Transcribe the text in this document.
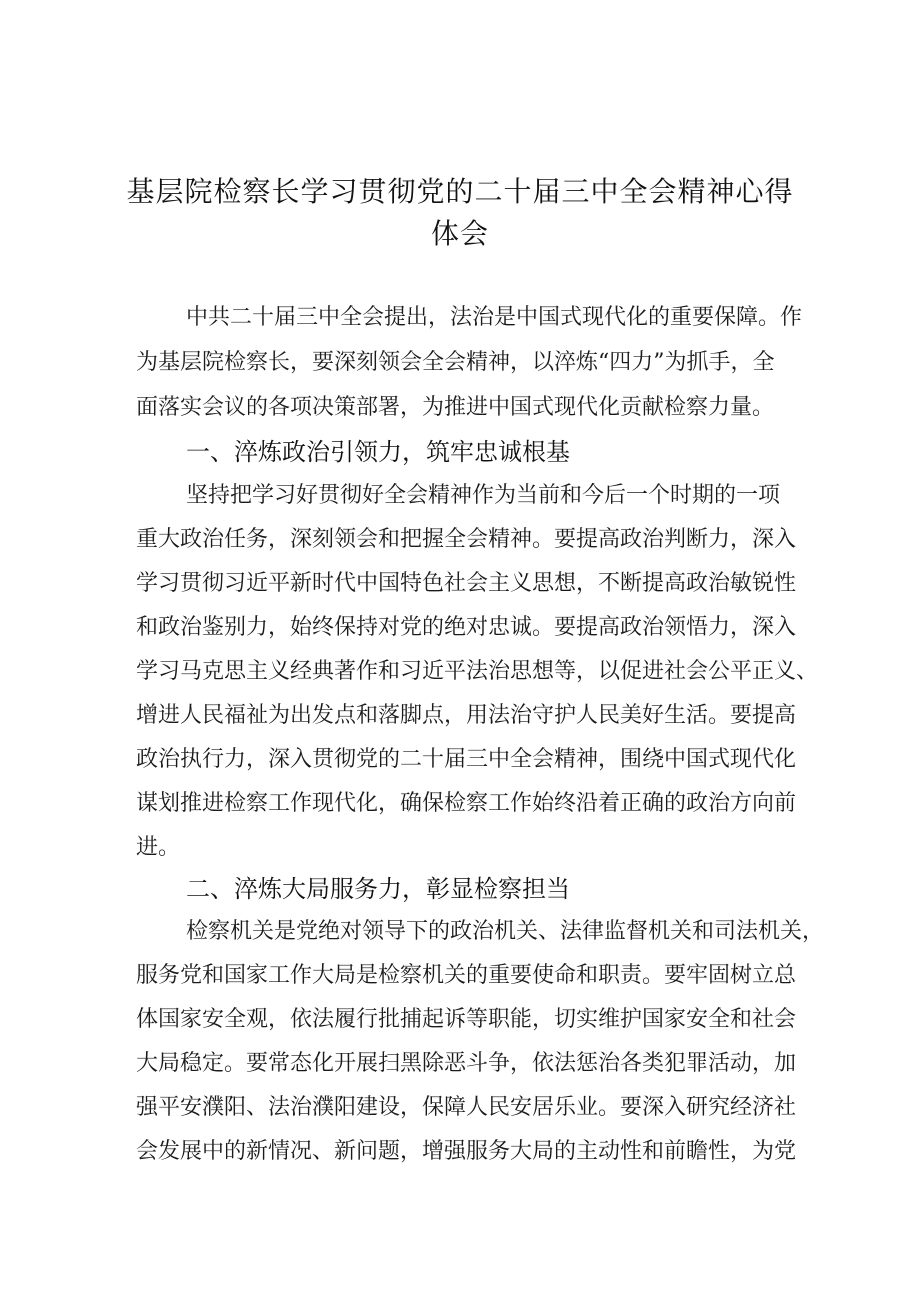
基层院检察长学习贯彻党的二十届三中全会精神心得
体会
中共二十届三中全会提出，法治是中国式现代化的重要保障。作
为基层院检察长，要深刻领会全会精神，以淬炼“四力”为抓手，全
面落实会议的各项决策部署，为推进中国式现代化贡献检察力量。
一、淬炼政治引领力，筑牢忠诚根基
坚持把学习好贯彻好全会精神作为当前和今后一个时期的一项
重大政治任务，深刻领会和把握全会精神。要提高政治判断力，深入
学习贯彻习近平新时代中国特色社会主义思想，不断提高政治敏锐性
和政治鉴别力，始终保持对党的绝对忠诚。要提高政治领悟力，深入
学习马克思主义经典著作和习近平法治思想等，以促进社会公平正义、
增进人民福祉为出发点和落脚点，用法治守护人民美好生活。要提高
政治执行力，深入贯彻党的二十届三中全会精神，围绕中国式现代化
谋划推进检察工作现代化，确保检察工作始终沿着正确的政治方向前
进。
二、淬炼大局服务力，彰显检察担当
检察机关是党绝对领导下的政治机关、法律监督机关和司法机关，
服务党和国家工作大局是检察机关的重要使命和职责。要牢固树立总
体国家安全观，依法履行批捕起诉等职能，切实维护国家安全和社会
大局稳定。要常态化开展扫黑除恶斗争，依法惩治各类犯罪活动，加
强平安濮阳、法治濮阳建设，保障人民安居乐业。要深入研究经济社
会发展中的新情况、新问题，增强服务大局的主动性和前瞻性，为党
